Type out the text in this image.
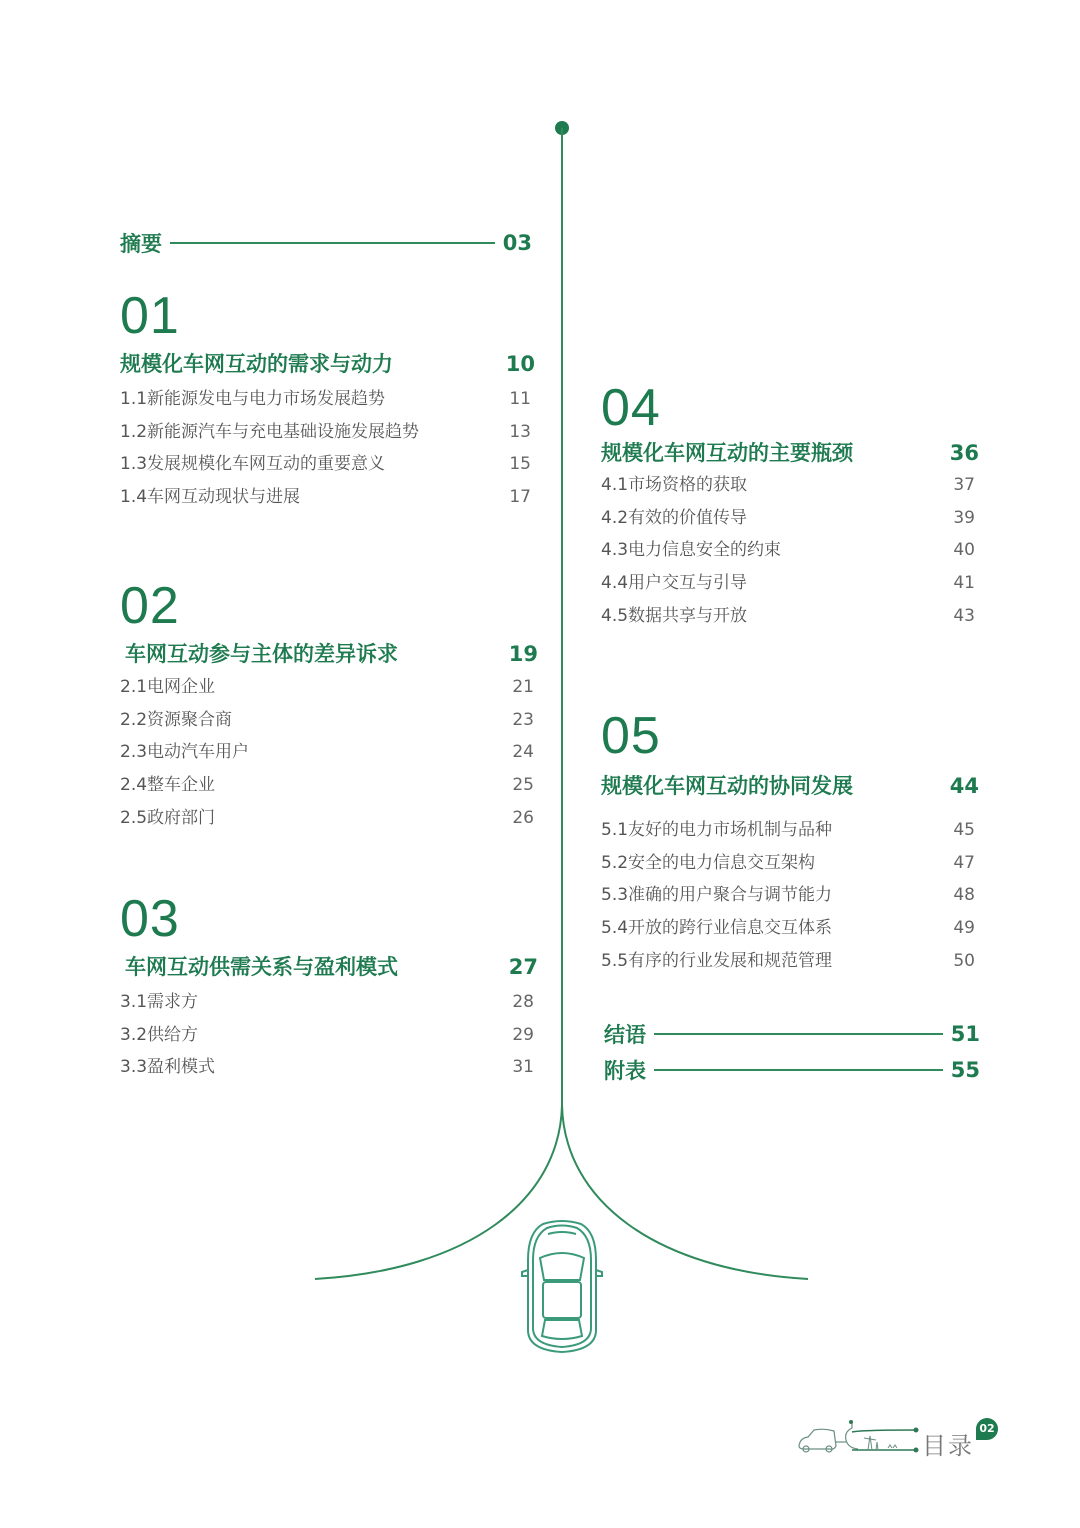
摘要	03
01
规模化车网互动的需求与动力	10
1.1新能源发电与电力市场发展趋势	11
1.2新能源汽车与充电基础设施发展趋势	13
1.3发展规模化车网互动的重要意义	15
1.4车网互动现状与进展	17
02
车网互动参与主体的差异诉求	19
2.1电网企业	21
2.2资源聚合商	23
2.3电动汽车用户	24
2.4整车企业	25
2.5政府部门	26
03
车网互动供需关系与盈利模式	27
3.1需求方	28
3.2供给方	29
3.3盈利模式	31
04
规模化车网互动的主要瓶颈	36
4.1市场资格的获取	37
4.2有效的价值传导	39
4.3电力信息安全的约束	40
4.4用户交互与引导	41
4.5数据共享与开放	43
05
规模化车网互动的协同发展	44
5.1友好的电力市场机制与品种	45
5.2安全的电力信息交互架构	47
5.3准确的用户聚合与调节能力	48
5.4开放的跨行业信息交互体系	49
5.5有序的行业发展和规范管理	50
结语	51
附表	55
目录
02
